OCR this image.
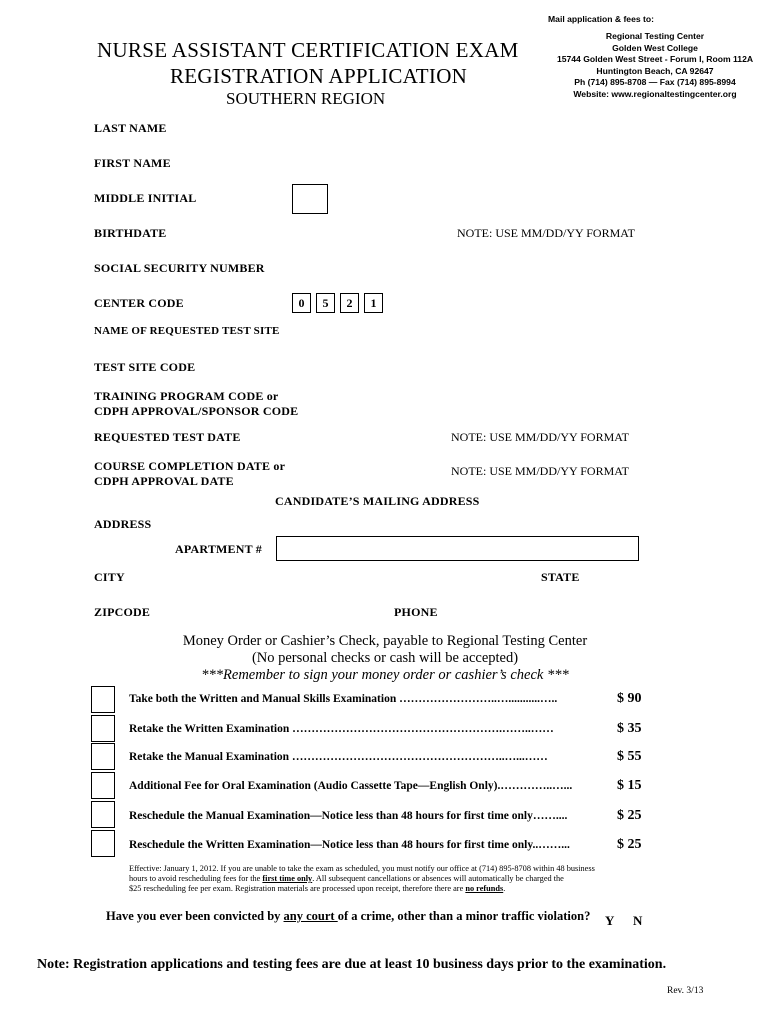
Mail application & fees to:
Regional Testing Center
Golden West College
15744 Golden West Street - Forum I, Room 112A
Huntington Beach, CA 92647
Ph (714) 895-8708 — Fax (714) 895-8994
Website: www.regionaltestingcenter.org
NURSE ASSISTANT CERTIFICATION EXAM
REGISTRATION APPLICATION
SOUTHERN REGION
LAST NAME
FIRST NAME
MIDDLE INITIAL
BIRTHDATE	NOTE: USE MM/DD/YY FORMAT
SOCIAL SECURITY NUMBER
CENTER CODE	0	5	2	1
NAME OF REQUESTED TEST SITE
TEST SITE CODE
TRAINING PROGRAM CODE or
CDPH APPROVAL/SPONSOR CODE
REQUESTED TEST DATE	NOTE: USE MM/DD/YY FORMAT
COURSE COMPLETION DATE or
CDPH APPROVAL DATE
NOTE: USE MM/DD/YY FORMAT
CANDIDATE’S MAILING ADDRESS
ADDRESS
APARTMENT #
CITY	STATE
ZIPCODE	PHONE
Money Order or Cashier’s Check, payable to Regional Testing Center
(No personal checks or cash will be accepted)
***Remember to sign your money order or cashier’s check ***
Take both the Written and Manual Skills Examination ……………………..…...........…..	$ 90
Retake the Written Examination ……………………………………………….……..……	$ 35
Retake the Manual Examination ………………………………………………..…...……	$ 55
Additional Fee for Oral Examination (Audio Cassette Tape—English Only).…………..…...	$ 15
Reschedule the Manual Examination—Notice less than 48 hours for first time only……....	$ 25
Reschedule the Written Examination—Notice less than 48 hours for first time only..……...	$ 25
Effective: January 1, 2012. If you are unable to take the exam as scheduled, you must notify our office at (714) 895-8708 within 48 business
hours to avoid rescheduling fees for the first time only. All subsequent cancellations or absences will automatically be charged the
$25 rescheduling fee per exam. Registration materials are processed upon receipt, therefore there are no refunds.
Have you ever been convicted by any court of a crime, other than a minor traffic violation? Y N
Note: Registration applications and testing fees are due at least 10 business days prior to the examination.
Rev. 3/13
